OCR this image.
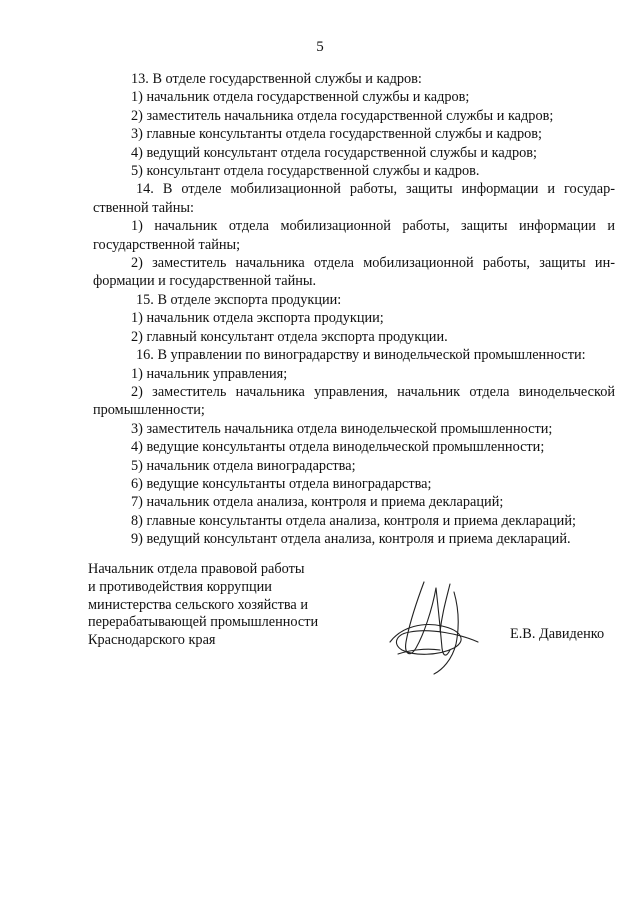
5
13. В отделе государственной службы и кадров:
1) начальник отдела государственной службы и кадров;
2) заместитель начальника отдела государственной службы и кадров;
3) главные консультанты отдела государственной службы и кадров;
4) ведущий консультант отдела государственной службы и кадров;
5) консультант отдела государственной службы и кадров.
14. В отделе мобилизационной работы, защиты информации и государ-
ственной тайны:
1) начальник отдела мобилизационной работы, защиты информации и
государственной тайны;
2) заместитель начальника отдела мобилизационной работы, защиты ин-
формации и государственной тайны.
15. В отделе экспорта продукции:
1) начальник отдела экспорта продукции;
2) главный консультант отдела экспорта продукции.
16. В управлении по виноградарству и винодельческой промышленности:
1) начальник управления;
2) заместитель начальника управления, начальник отдела винодельческой
промышленности;
3) заместитель начальника отдела винодельческой промышленности;
4) ведущие консультанты отдела винодельческой промышленности;
5) начальник отдела виноградарства;
6) ведущие консультанты отдела виноградарства;
7) начальник отдела анализа, контроля и приема деклараций;
8) главные консультанты отдела анализа, контроля и приема деклараций;
9) ведущий консультант отдела анализа, контроля и приема деклараций.
Начальник отдела правовой работы
и противодействия коррупции
министерства сельского хозяйства и
перерабатывающей промышленности
Краснодарского края	Е.В. Давиденко
